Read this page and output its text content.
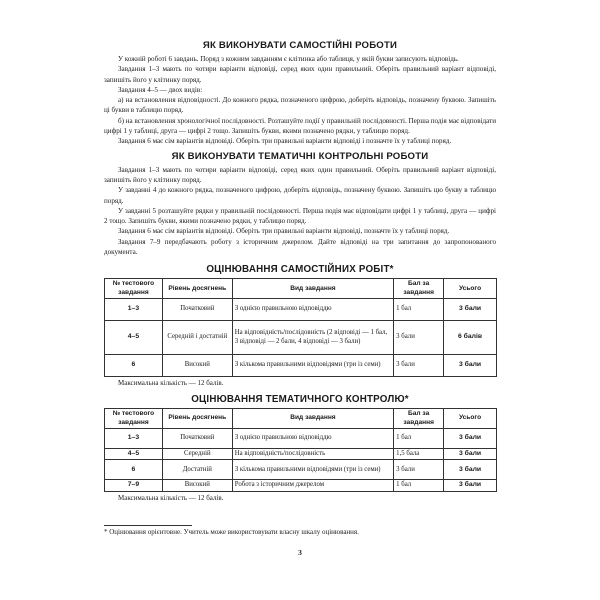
ЯК ВИКОНУВАТИ САМОСТІЙНІ РОБОТИ

У кожній роботі 6 завдань. Поряд з кожним завданням є клітинка або таблиця, у якій букви записують відповідь.

Завдання 1–3 мають по чотири варіанти відповіді, серед яких один правильний. Оберіть правильний варіант відповіді, запишіть його у клітинку поряд.

Завдання 4–5 — двох видів:

а) на встановлення відповідності. До кожного рядка, позначеного цифрою, доберіть відповідь, позначену буквою. Запишіть ці букви в таблицю поряд.

б) на встановлення хронологічної послідовності. Розташуйте події у правильній послідовності. Перша подія має відповідати цифрі 1 у таблиці, друга — цифрі 2 тощо. Запишіть букви, якими позначено рядки, у таблицю поряд.

Завдання 6 має сім варіантів відповіді. Оберіть три правильні варіанти відповіді і позначте їх у таблиці поряд.

ЯК ВИКОНУВАТИ ТЕМАТИЧНІ КОНТРОЛЬНІ РОБОТИ

Завдання 1–3 мають по чотири варіанти відповіді, серед яких один правильний. Оберіть правильний варіант відповіді, запишіть його у клітинку поряд.

У завданні 4 до кожного рядка, позначеного цифрою, доберіть відповідь, позначену буквою. Запишіть цю букву в таблицю поряд.

У завданні 5 розташуйте рядки у правильній послідовності. Перша подія має відповідати цифрі 1 у таблиці, друга — цифрі 2 тощо. Запишіть букви, якими позначено рядки, у таблицю поряд.

Завдання 6 має сім варіантів відповіді. Оберіть три правильні варіанти відповіді, позначте їх у таблиці поряд.

Завдання 7–9 передбачають роботу з історичним джерелом. Дайте відповіді на три запитання до запропонованого документа.

ОЦІНЮВАННЯ САМОСТІЙНИХ РОБІТ*
№ тестового завдання	Рівень досягнень	Вид завдання	Бал за завдання	Усього
1–3	Початковий	З однією правильною відповіддю	1 бал	3 бали
4–5	Середній і достатній	На відповідність/послідовність (2 відповіді — 1 бал, 3 відповіді — 2 бали, 4 відповіді — 3 бали)	3 бали	6 балів
6	Високий	З кількома правильними відповідями (три із семи)	3 бали	3 бали
Максимальна кількість — 12 балів.
ОЦІНЮВАННЯ ТЕМАТИЧНОГО КОНТРОЛЮ*
№ тестового завдання	Рівень досягнень	Вид завдання	Бал за завдання	Усього
1–3	Початковий	З однією правильною відповіддю	1 бал	3 бали
4–5	Середній	На відповідність/послідовність	1,5 бала	3 бали
6	Достатній	З кількома правильними відповідями (три із семи)	3 бали	3 бали
7–9	Високий	Робота з історичним джерелом	1 бал	3 бали
Максимальна кількість — 12 балів.
* Оцінювання орієнтовне. Учитель може використовувати власну шкалу оцінювання.
3
